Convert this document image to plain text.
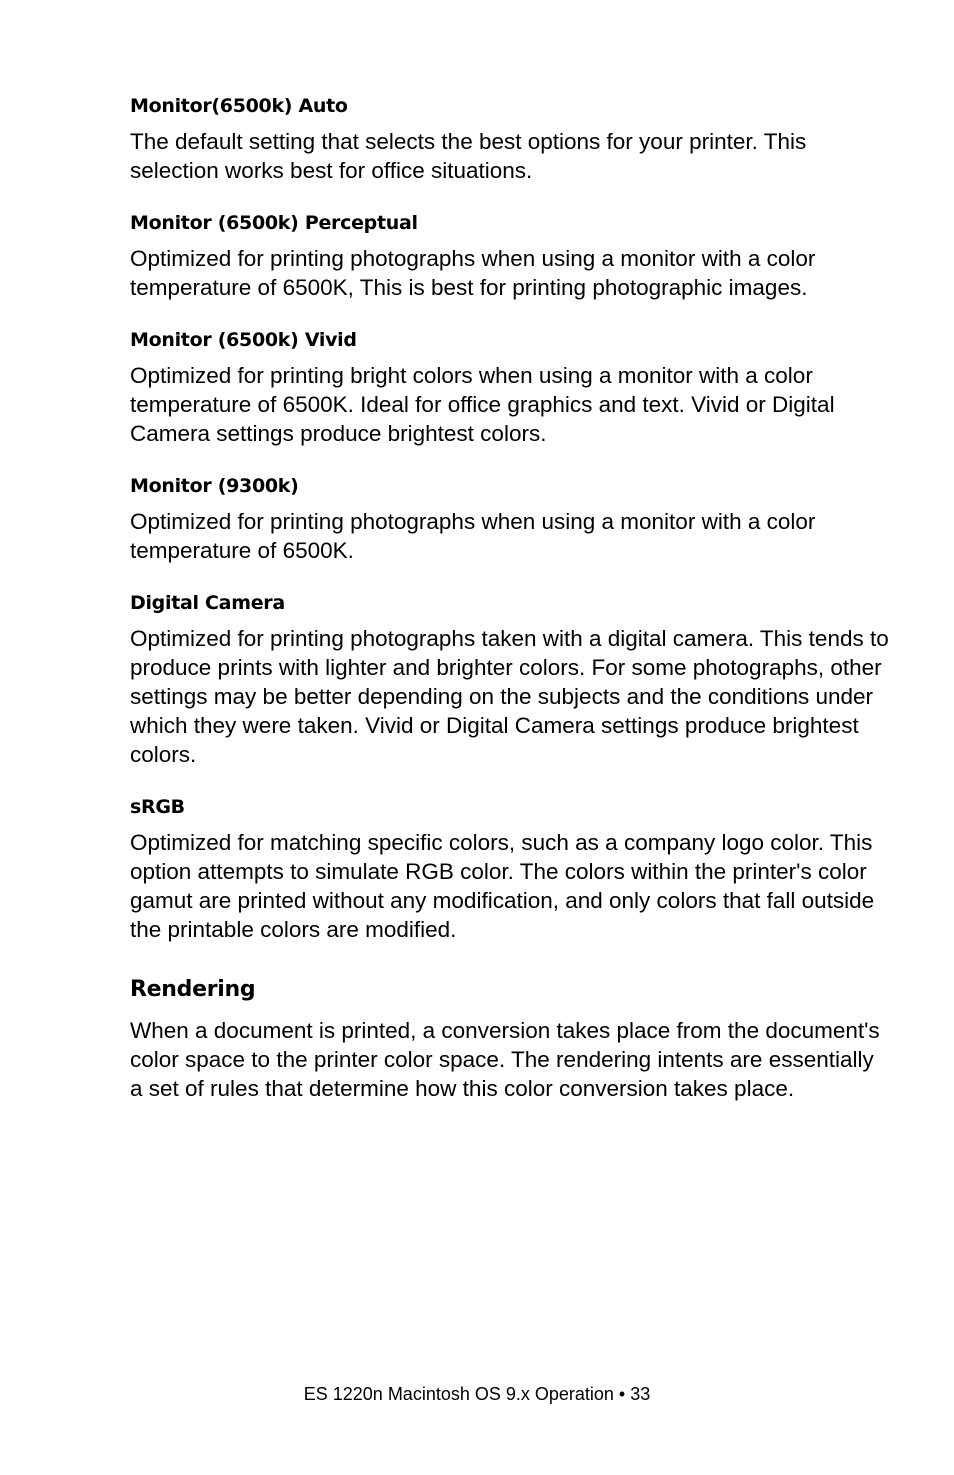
Monitor(6500k) Auto
The default setting that selects the best options for your printer. This selection works best for office situations.
Monitor (6500k) Perceptual
Optimized for printing photographs when using a monitor with a color temperature of 6500K, This is best for printing photographic images.
Monitor (6500k) Vivid
Optimized for printing bright colors when using a monitor with a color temperature of 6500K. Ideal for office graphics and text. Vivid or Digital Camera settings produce brightest colors.
Monitor (9300k)
Optimized for printing photographs when using a monitor with a color temperature of 6500K.
Digital Camera
Optimized for printing photographs taken with a digital camera. This tends to produce prints with lighter and brighter colors. For some photographs, other settings may be better depending on the subjects and the conditions under which they were taken. Vivid or Digital Camera settings produce brightest colors.
sRGB
Optimized for matching specific colors, such as a company logo color. This option attempts to simulate RGB color. The colors within the printer's color gamut are printed without any modification, and only colors that fall outside the printable colors are modified.
Rendering
When a document is printed, a conversion takes place from the document's color space to the printer color space. The rendering intents are essentially a set of rules that determine how this color conversion takes place.
ES 1220n Macintosh OS 9.x Operation • 33
